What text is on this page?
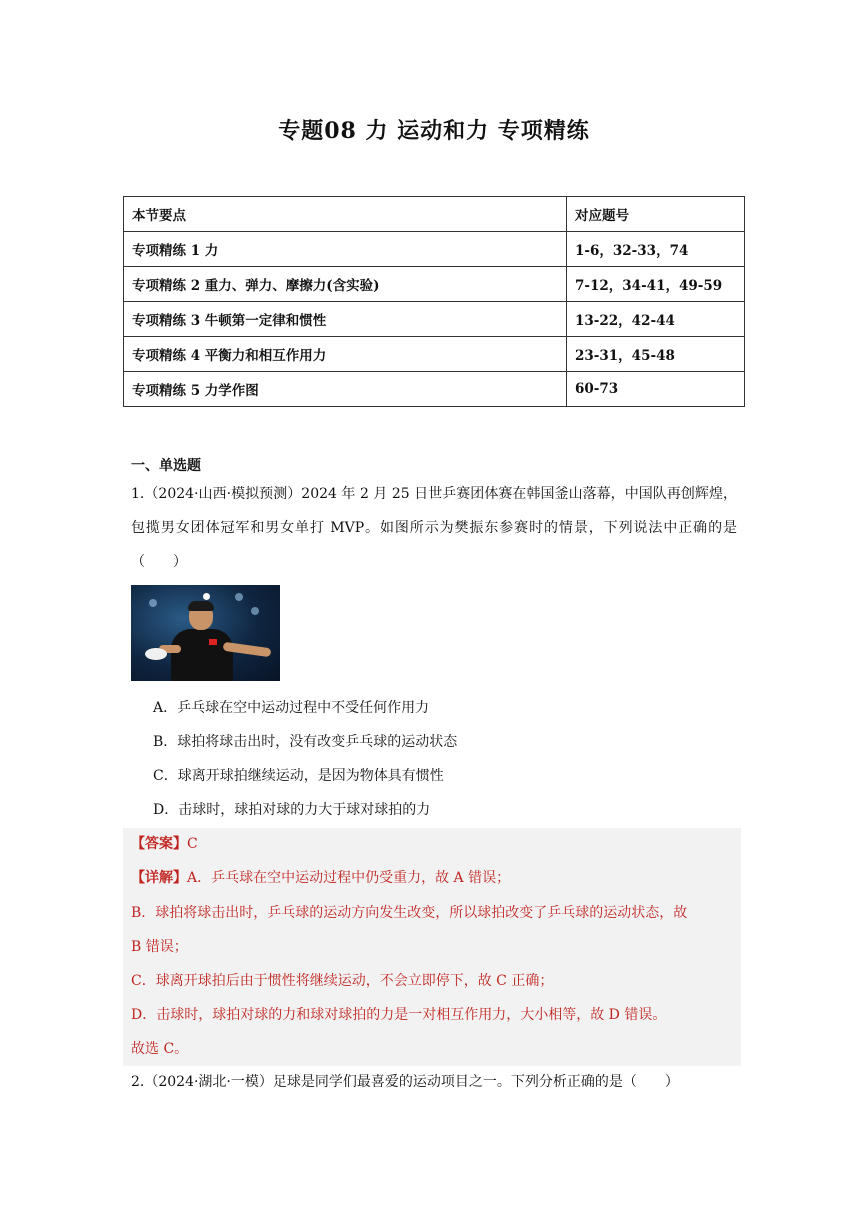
专题08 力 运动和力 专项精练
本节要点	对应题号
专项精练 1 力	1-6，32-33，74
专项精练 2 重力、弹力、摩擦力(含实验)	7-12，34-41，49-59
专项精练 3 牛顿第一定律和惯性	13-22，42-44
专项精练 4 平衡力和相互作用力	23-31，45-48
专项精练 5 力学作图	60-73
一、单选题
1.（2024·山西·模拟预测）2024 年 2 月 25 日世乒赛团体赛在韩国釜山落幕，中国队再创辉煌，包揽男女团体冠军和男女单打 MVP。如图所示为樊振东参赛时的情景，下列说法中正确的是（　　）
A．乒乓球在空中运动过程中不受任何作用力
B．球拍将球击出时，没有改变乒乓球的运动状态
C．球离开球拍继续运动，是因为物体具有惯性
D．击球时，球拍对球的力大于球对球拍的力
【答案】C
【详解】A．乒乓球在空中运动过程中仍受重力，故 A 错误；
B．球拍将球击出时，乒乓球的运动方向发生改变，所以球拍改变了乒乓球的运动状态，故
B 错误；
C．球离开球拍后由于惯性将继续运动，不会立即停下，故 C 正确；
D．击球时，球拍对球的力和球对球拍的力是一对相互作用力，大小相等，故 D 错误。
故选 C。
2.（2024·湖北·一模）足球是同学们最喜爱的运动项目之一。下列分析正确的是（　　）
